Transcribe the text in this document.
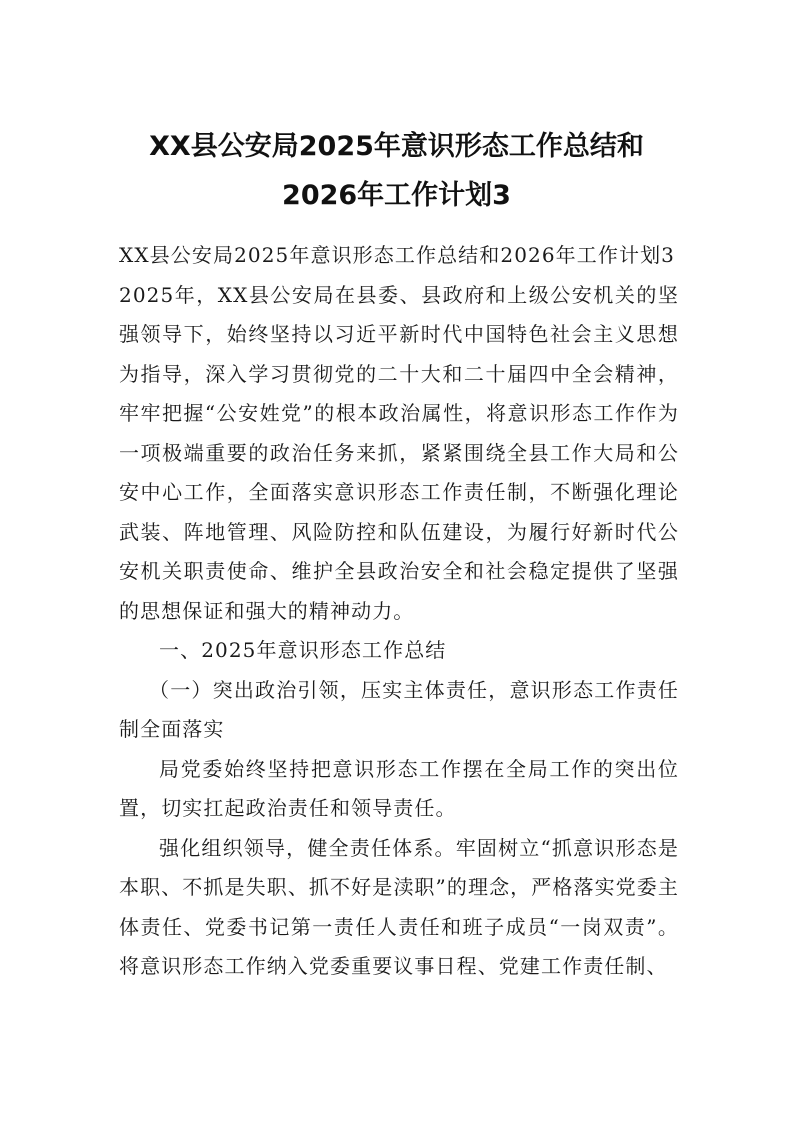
XX县公安局2025年意识形态工作总结和
2026年工作计划3

XX县公安局2025年意识形态工作总结和2026年工作计划3

2025年，XX县公安局在县委、县政府和上级公安机关的坚强领导下，始终坚持以习近平新时代中国特色社会主义思想为指导，深入学习贯彻党的二十大和二十届四中全会精神，牢牢把握“公安姓党”的根本政治属性，将意识形态工作作为一项极端重要的政治任务来抓，紧紧围绕全县工作大局和公安中心工作，全面落实意识形态工作责任制，不断强化理论武装、阵地管理、风险防控和队伍建设，为履行好新时代公安机关职责使命、维护全县政治安全和社会稳定提供了坚强的思想保证和强大的精神动力。

一、2025年意识形态工作总结

（一）突出政治引领，压实主体责任，意识形态工作责任制全面落实

局党委始终坚持把意识形态工作摆在全局工作的突出位置，切实扛起政治责任和领导责任。

强化组织领导，健全责任体系。牢固树立“抓意识形态是本职、不抓是失职、抓不好是渎职”的理念，严格落实党委主体责任、党委书记第一责任人责任和班子成员“一岗双责”。将意识形态工作纳入党委重要议事日程、党建工作责任制、
